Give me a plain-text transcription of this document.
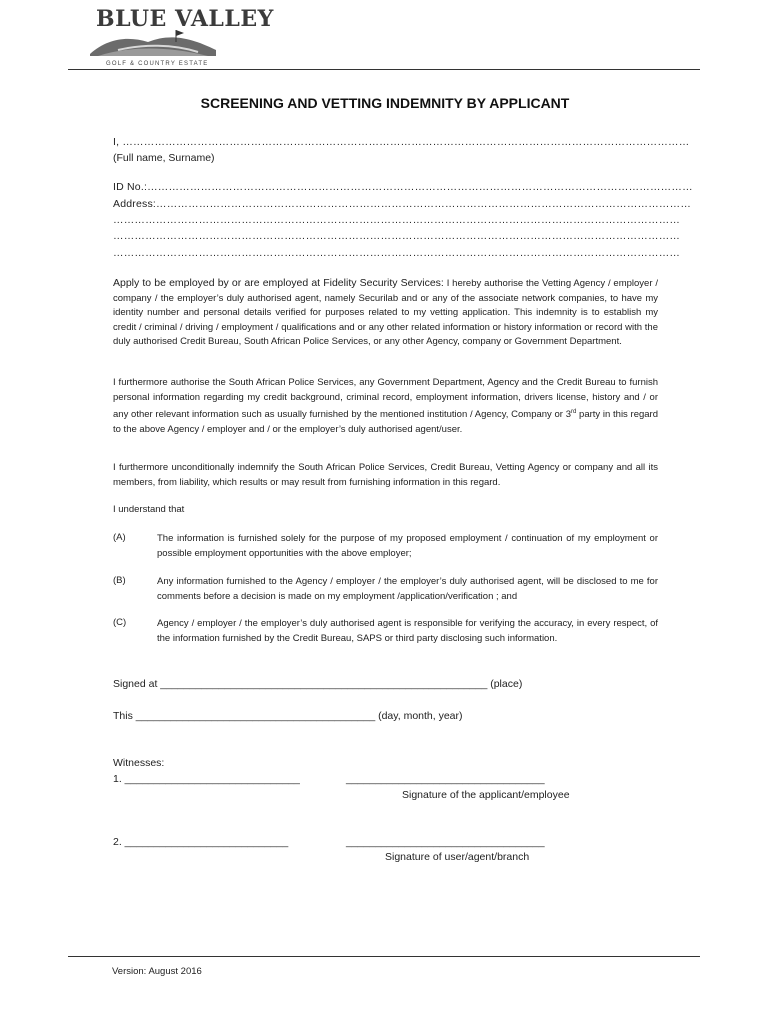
BLUE VALLEY
GOLF & COUNTRY ESTATE
SCREENING AND VETTING INDEMNITY BY APPLICANT
I, ……………………………………………………………………………………………………………………………………………
(Full name, Surname)
ID No.:………………………………………………………………………………………………………………………………………
Address:……………………………………………………………………………………………………………………………………
……………………………………………………………………………………………………………………………………………
……………………………………………………………………………………………………………………………………………
……………………………………………………………………………………………………………………………………………
Apply to be employed by or are employed at Fidelity Security Services: I hereby authorise the Vetting Agency / employer / company / the employer’s duly authorised agent, namely Securilab and or any of the associate network companies, to have my identity number and personal details verified for purposes related to my vetting application. This indemnity is to establish my credit / criminal / driving / employment / qualifications and or any other related information or history information or record with the duly authorised Credit Bureau, South African Police Services, or any other Agency, company or Government Department.
I furthermore authorise the South African Police Services, any Government Department, Agency and the Credit Bureau to furnish personal information regarding my credit background, criminal record, employment information, drivers license, history and / or any other relevant information such as usually furnished by the mentioned institution / Agency, Company or 3rd party in this regard to the above Agency / employer and / or the employer’s duly authorised agent/user.
I furthermore unconditionally indemnify the South African Police Services, Credit Bureau, Vetting Agency or company and all its members, from liability, which results or may result from furnishing information in this regard.
I understand that
(A)	The information is furnished solely for the purpose of my proposed employment / continuation of my employment or possible employment opportunities with the above employer;
(B)	Any information furnished to the Agency / employer / the employer’s duly authorised agent, will be disclosed to me for comments before a decision is made on my employment /application/verification ; and
(C)	Agency / employer / the employer’s duly authorised agent is responsible for verifying the accuracy, in every respect, of the information furnished by the Credit Bureau, SAPS or third party disclosing such information.
Signed at ________________________________________________________ (place)
This _________________________________________ (day, month, year)
Witnesses:
1. ______________________________	__________________________________
Signature of the applicant/employee
2. ____________________________	__________________________________
Signature of user/agent/branch
Version: August 2016
